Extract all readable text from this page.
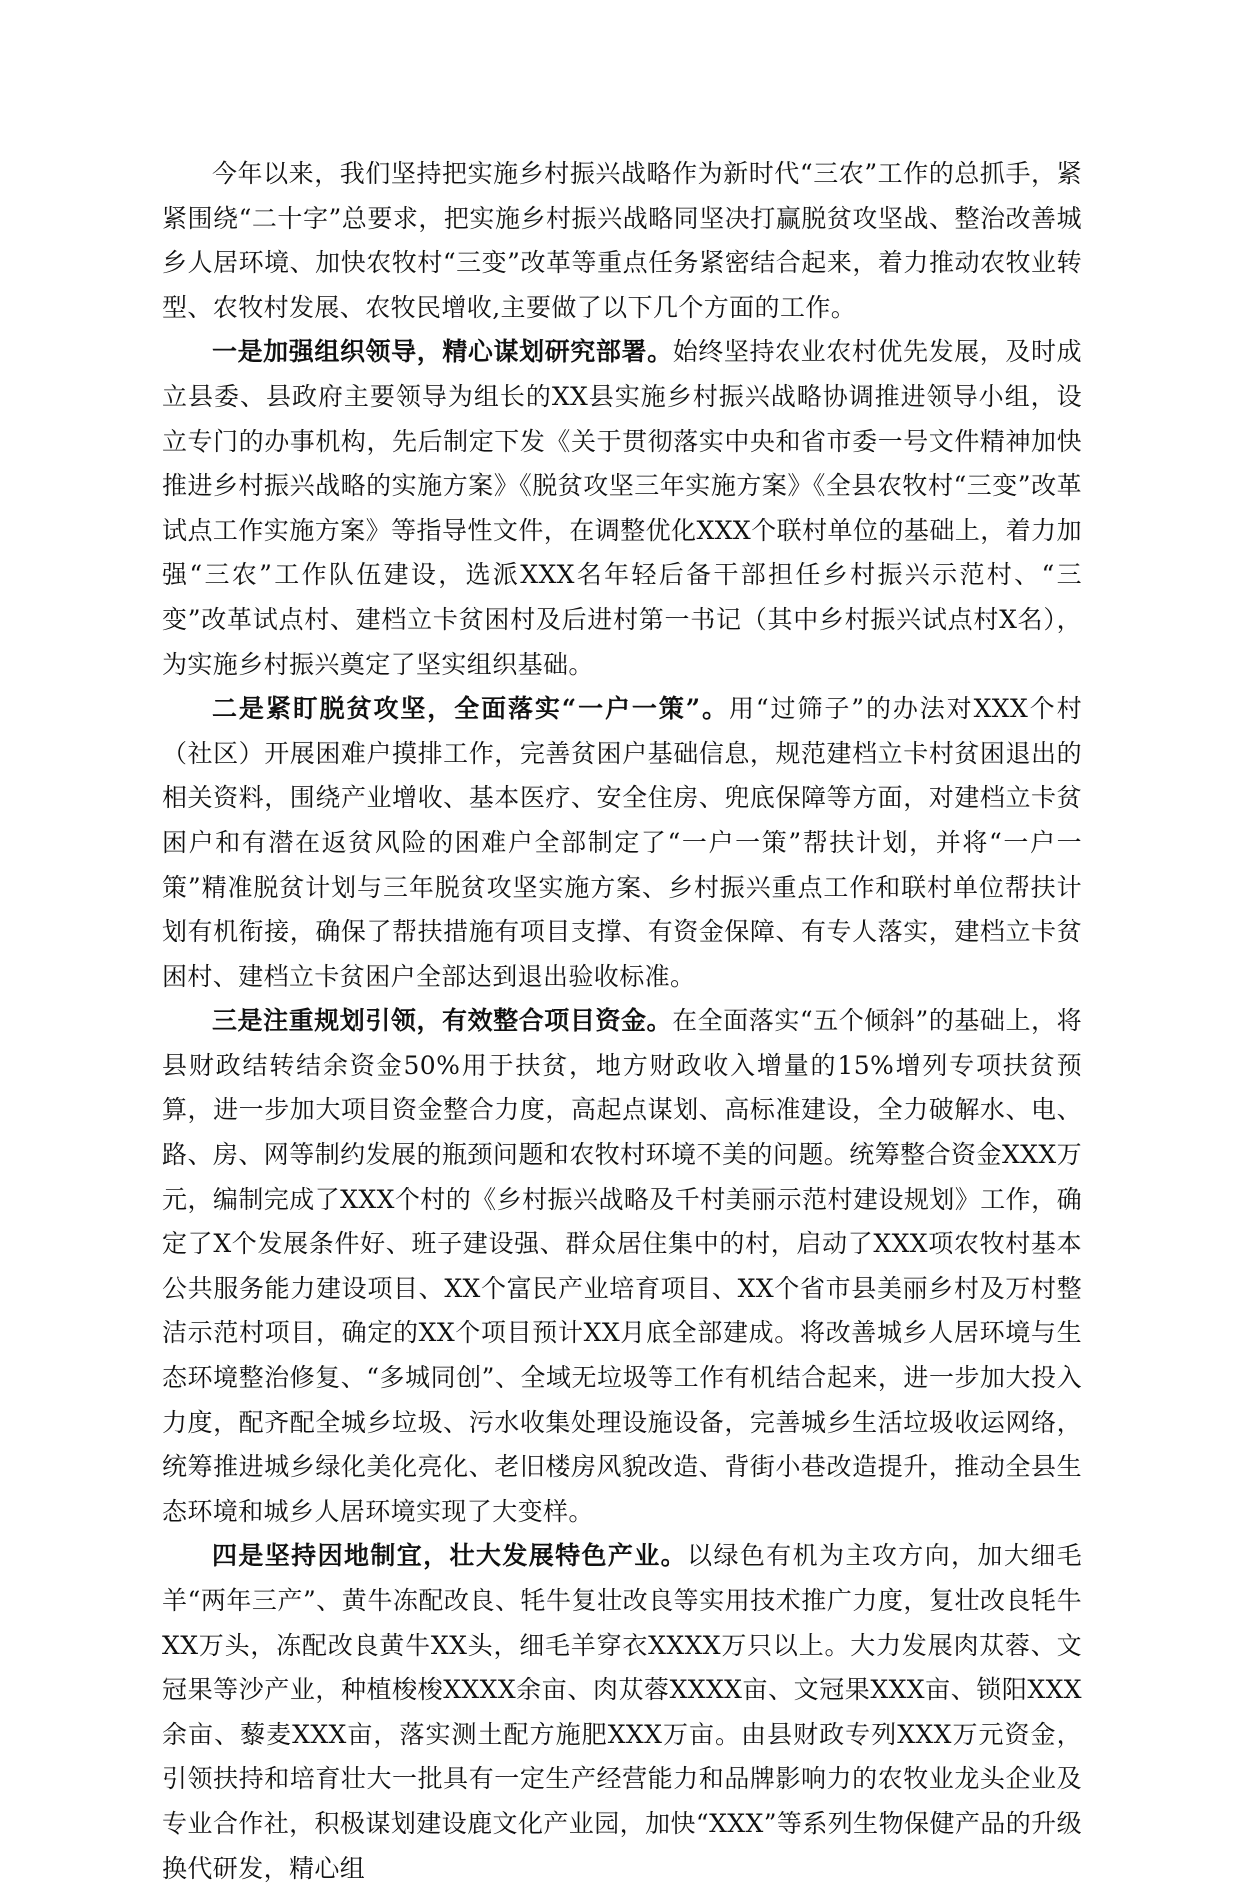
今年以来，我们坚持把实施乡村振兴战略作为新时代“三农”工作的总抓手，紧紧围绕“二十字”总要求，把实施乡村振兴战略同坚决打赢脱贫攻坚战、整治改善城乡人居环境、加快农牧村“三变”改革等重点任务紧密结合起来，着力推动农牧业转型、农牧村发展、农牧民增收,主要做了以下几个方面的工作。

一是加强组织领导，精心谋划研究部署。始终坚持农业农村优先发展，及时成立县委、县政府主要领导为组长的XX县实施乡村振兴战略协调推进领导小组，设立专门的办事机构，先后制定下发《关于贯彻落实中央和省市委一号文件精神加快推进乡村振兴战略的实施方案》《脱贫攻坚三年实施方案》《全县农牧村“三变”改革试点工作实施方案》等指导性文件，在调整优化XXX个联村单位的基础上，着力加强“三农”工作队伍建设，选派XXX名年轻后备干部担任乡村振兴示范村、“三变”改革试点村、建档立卡贫困村及后进村第一书记（其中乡村振兴试点村X名），为实施乡村振兴奠定了坚实组织基础。

二是紧盯脱贫攻坚，全面落实“一户一策”。用“过筛子”的办法对XXX个村（社区）开展困难户摸排工作，完善贫困户基础信息，规范建档立卡村贫困退出的相关资料，围绕产业增收、基本医疗、安全住房、兜底保障等方面，对建档立卡贫困户和有潜在返贫风险的困难户全部制定了“一户一策”帮扶计划，并将“一户一策”精准脱贫计划与三年脱贫攻坚实施方案、乡村振兴重点工作和联村单位帮扶计划有机衔接，确保了帮扶措施有项目支撑、有资金保障、有专人落实，建档立卡贫困村、建档立卡贫困户全部达到退出验收标准。

三是注重规划引领，有效整合项目资金。在全面落实“五个倾斜”的基础上，将县财政结转结余资金50%用于扶贫，地方财政收入增量的15%增列专项扶贫预算，进一步加大项目资金整合力度，高起点谋划、高标准建设，全力破解水、电、路、房、网等制约发展的瓶颈问题和农牧村环境不美的问题。统筹整合资金XXX万元，编制完成了XXX个村的《乡村振兴战略及千村美丽示范村建设规划》工作，确定了X个发展条件好、班子建设强、群众居住集中的村，启动了XXX项农牧村基本公共服务能力建设项目、XX个富民产业培育项目、XX个省市县美丽乡村及万村整洁示范村项目，确定的XX个项目预计XX月底全部建成。将改善城乡人居环境与生态环境整治修复、“多城同创”、全域无垃圾等工作有机结合起来，进一步加大投入力度，配齐配全城乡垃圾、污水收集处理设施设备，完善城乡生活垃圾收运网络，统筹推进城乡绿化美化亮化、老旧楼房风貌改造、背街小巷改造提升，推动全县生态环境和城乡人居环境实现了大变样。

四是坚持因地制宜，壮大发展特色产业。以绿色有机为主攻方向，加大细毛羊“两年三产”、黄牛冻配改良、牦牛复壮改良等实用技术推广力度，复壮改良牦牛XX万头，冻配改良黄牛XX头，细毛羊穿衣XXXX万只以上。大力发展肉苁蓉、文冠果等沙产业，种植梭梭XXXX余亩、肉苁蓉XXXX亩、文冠果XXX亩、锁阳XXX余亩、藜麦XXX亩，落实测土配方施肥XXX万亩。由县财政专列XXX万元资金，引领扶持和培育壮大一批具有一定生产经营能力和品牌影响力的农牧业龙头企业及专业合作社，积极谋划建设鹿文化产业园，加快“XXX”等系列生物保健产品的升级换代研发，精心组
